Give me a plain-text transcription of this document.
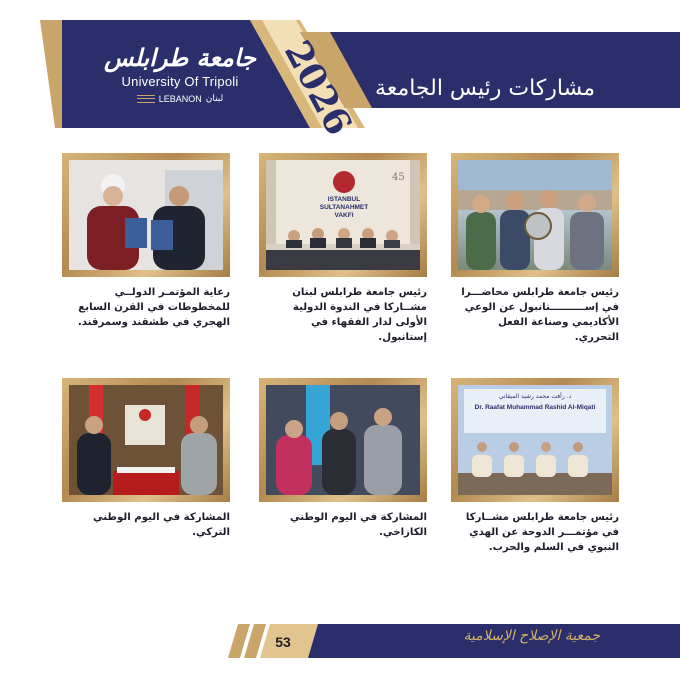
جامعة طرابلس
University Of Tripoli
LEBANON لبنان	2026 مشاركات رئيس الجامعة
رئيس جامعة طرابلس محاضـــرا في إســــــــــتانبول عن الوعي الأكاديمي وصناعة الفعل التحرري.
45
ISTANBUL SULTANAHMET VAKFI
رئيس جامعة طرابلس لبنان مشــاركا في الندوة الدولية الأولى لدار الفقهاء في إستانبول.
رعاية المؤتمـر الدولــي للمخطوطات في القرن السابع الهجري في طشقند وسمرقند.
د. رأفت محمد رشيد الميقاتي
Dr. Raafat Muhammad Rashid Al-Miqati
رئيس جامعة طرابلس مشــاركا في مؤتمـــر الدوحة عن الهدي النبوي في السلم والحرب.
المشاركة في اليوم الوطني الكازاخي.
المشاركة في اليوم الوطني التركي.
53	جمعية الإصلاح الإسلامية
